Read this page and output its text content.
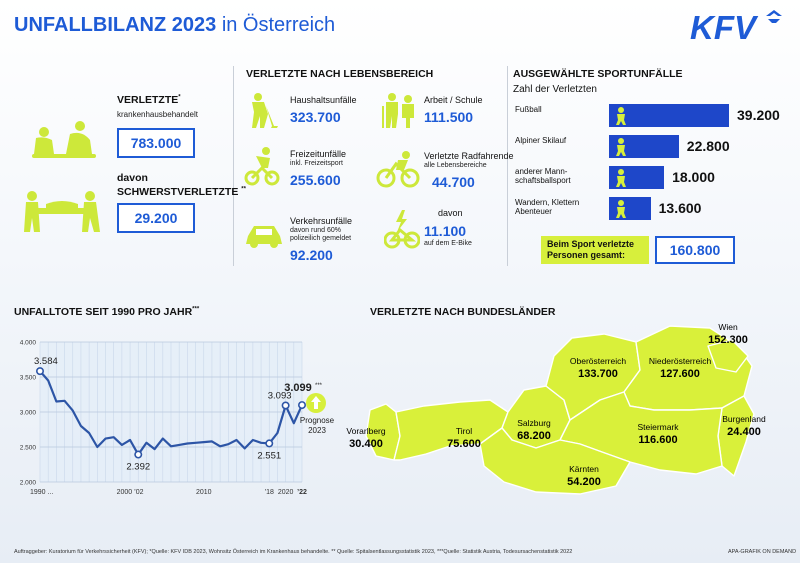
UNFALLBILANZ 2023 in Österreich	KFV
VERLETZTE*
krankenhausbehandelt
783.000
davon
SCHWERSTVERLETZTE **
29.200
VERLETZTE NACH LEBENSBEREICH
Haushaltsunfälle
323.700
Arbeit / Schule
111.500
Freizeitunfälle
inkl. Freizeitsport
255.600
Verletzte Radfahrende
alle Lebensbereiche
44.700
Verkehrsunfälle
davon rund 60% polizeilich gemeldet
92.200
davon
11.100
auf dem E-Bike
AUSGEWÄHLTE SPORTUNFÄLLE
Zahl der Verletzten
Fußball	39.200
Alpiner Skilauf	22.800
anderer Mann-
schaftsballsport	18.000
Wandern, Klettern
Abenteuer	13.600
Beim Sport verletzte Personen gesamt:	160.800
UNFALLTOTE SEIT 1990 PRO JAHR***
2.000
2.500
3.000
3.500
4.000
3.584
2.392
2.551
3.093
3.099 ***
1990 ...	2000 ’02	2010	’18 2020 ’22
Prognose 2023
VERLETZTE NACH BUNDESLÄNDER
Vorarlberg
30.400
Tirol
75.600
Salzburg
68.200
Oberösterreich
133.700
Niederösterreich
127.600
Wien
152.300
Burgenland
24.400
Steiermark
116.600
Kärnten
54.200
Auftraggeber: Kuratorium für Verkehrssicherheit (KFV); *Quelle: KFV IDB 2023, Wohnsitz Österreich im Krankenhaus behandelte. ** Quelle: Spitalsentlassungsstatistik 2023, ***Quelle: Statistik Austria, Todesursachenstatistik 2022	APA-GRAFIK ON DEMAND
